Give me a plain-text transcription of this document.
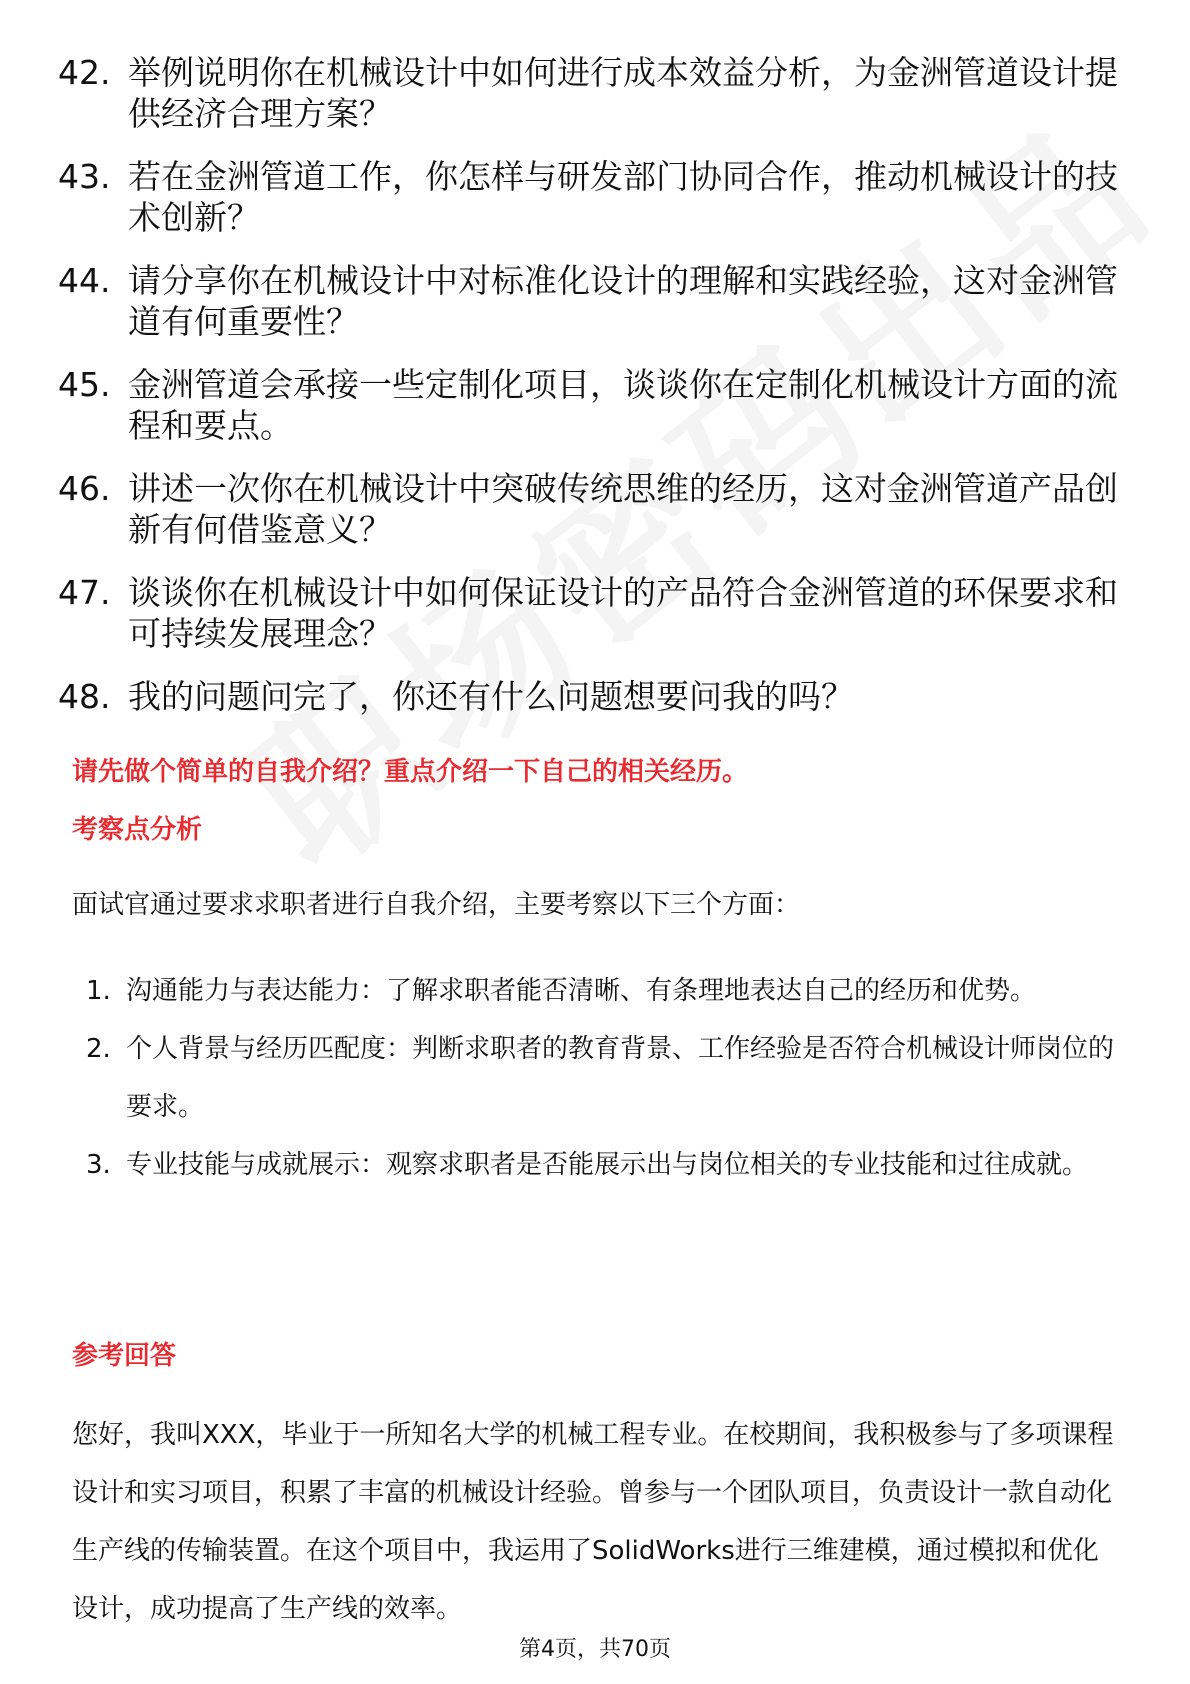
42. 举例说明你在机械设计中如何进行成本效益分析，为金洲管道设计提供经济合理方案？
43. 若在金洲管道工作，你怎样与研发部门协同合作，推动机械设计的技术创新？
44. 请分享你在机械设计中对标准化设计的理解和实践经验，这对金洲管道有何重要性？
45. 金洲管道会承接一些定制化项目，谈谈你在定制化机械设计方面的流程和要点。
46. 讲述一次你在机械设计中突破传统思维的经历，这对金洲管道产品创新有何借鉴意义？
47. 谈谈你在机械设计中如何保证设计的产品符合金洲管道的环保要求和可持续发展理念？
48. 我的问题问完了，你还有什么问题想要问我的吗？
请先做个简单的自我介绍？重点介绍一下自己的相关经历。
考察点分析
面试官通过要求求职者进行自我介绍，主要考察以下三个方面：
1. 沟通能力与表达能力：了解求职者能否清晰、有条理地表达自己的经历和优势。
2. 个人背景与经历匹配度：判断求职者的教育背景、工作经验是否符合机械设计师岗位的要求。
3. 专业技能与成就展示：观察求职者是否能展示出与岗位相关的专业技能和过往成就。
参考回答
您好，我叫XXX，毕业于一所知名大学的机械工程专业。在校期间，我积极参与了多项课程设计和实习项目，积累了丰富的机械设计经验。曾参与一个团队项目，负责设计一款自动化生产线的传输装置。在这个项目中，我运用了SolidWorks进行三维建模，通过模拟和优化设计，成功提高了生产线的效率。
第4页，共70页
